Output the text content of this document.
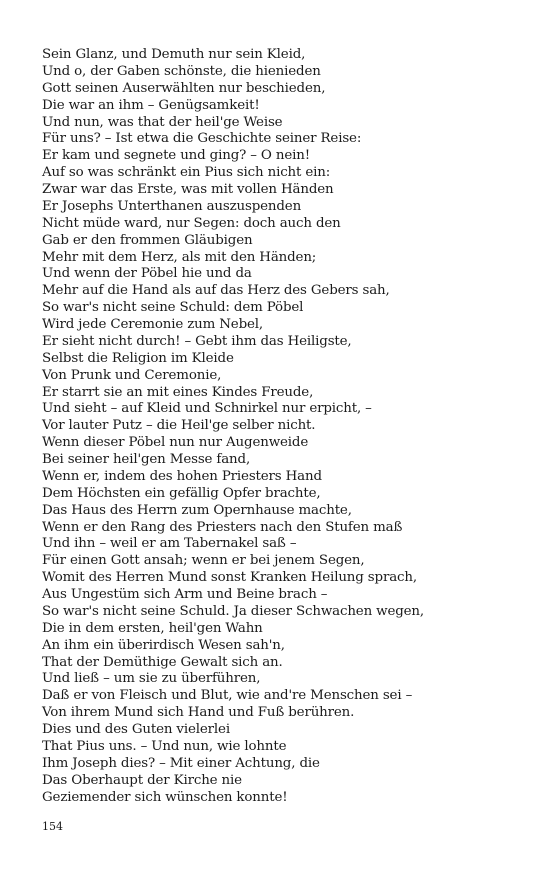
Sein Glanz, und Demuth nur sein Kleid,
Und o, der Gaben schönste, die hienieden
Gott seinen Auserwählten nur beschieden,
Die war an ihm – Genügsamkeit!
Und nun, was that der heil'ge Weise
Für uns? – Ist etwa die Geschichte seiner Reise:
Er kam und segnete und ging? – O nein!
Auf so was schränkt ein Pius sich nicht ein:
Zwar war das Erste, was mit vollen Händen
Er Josephs Unterthanen auszuspenden
Nicht müde ward, nur Segen: doch auch den
Gab er den frommen Gläubigen
Mehr mit dem Herz, als mit den Händen;
Und wenn der Pöbel hie und da
Mehr auf die Hand als auf das Herz des Gebers sah,
So war's nicht seine Schuld: dem Pöbel
Wird jede Ceremonie zum Nebel,
Er sieht nicht durch! – Gebt ihm das Heiligste,
Selbst die Religion im Kleide
Von Prunk und Ceremonie,
Er starrt sie an mit eines Kindes Freude,
Und sieht – auf Kleid und Schnirkel nur erpicht, –
Vor lauter Putz – die Heil'ge selber nicht.
Wenn dieser Pöbel nun nur Augenweide
Bei seiner heil'gen Messe fand,
Wenn er, indem des hohen Priesters Hand
Dem Höchsten ein gefällig Opfer brachte,
Das Haus des Herrn zum Opernhause machte,
Wenn er den Rang des Priesters nach den Stufen maß
Und ihn – weil er am Tabernakel saß –
Für einen Gott ansah; wenn er bei jenem Segen,
Womit des Herren Mund sonst Kranken Heilung sprach,
Aus Ungestüm sich Arm und Beine brach –
So war's nicht seine Schuld. Ja dieser Schwachen wegen,
Die in dem ersten, heil'gen Wahn
An ihm ein überirdisch Wesen sah'n,
That der Demüthige Gewalt sich an.
Und ließ – um sie zu überführen,
Daß er von Fleisch und Blut, wie and're Menschen sei –
Von ihrem Mund sich Hand und Fuß berühren.
Dies und des Guten vielerlei
That Pius uns. – Und nun, wie lohnte
Ihm Joseph dies? – Mit einer Achtung, die
Das Oberhaupt der Kirche nie
Geziemender sich wünschen konnte!
154
